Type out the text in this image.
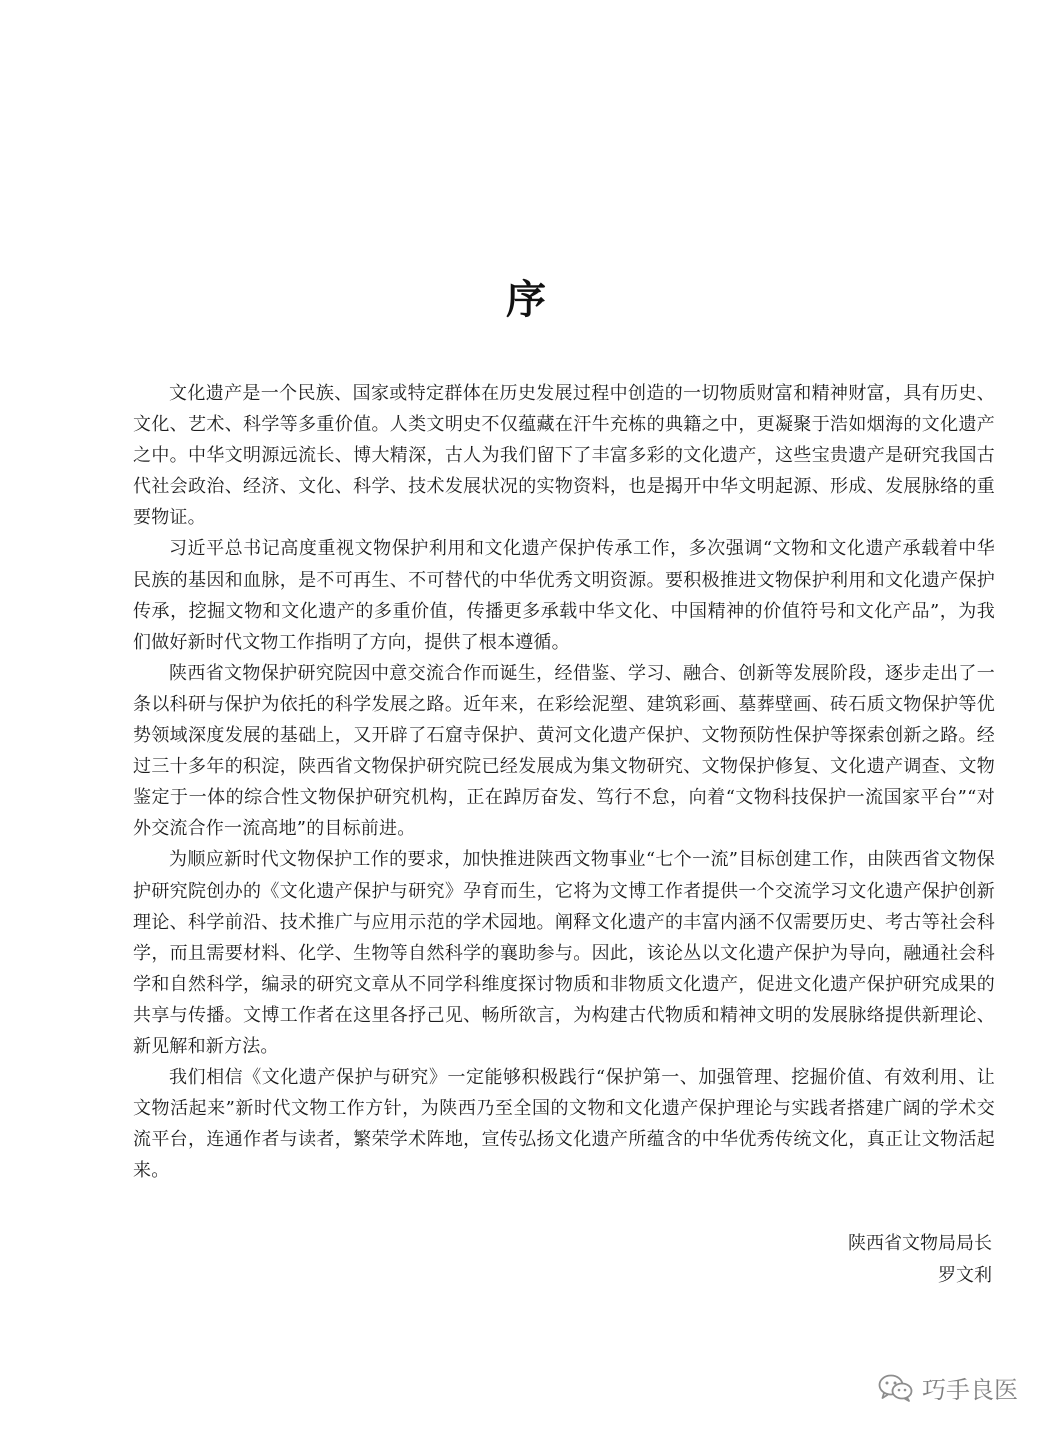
序

文化遗产是一个民族、国家或特定群体在历史发展过程中创造的一切物质财富和精神财富，具有历史、文化、艺术、科学等多重价值。人类文明史不仅蕴藏在汗牛充栋的典籍之中，更凝聚于浩如烟海的文化遗产之中。中华文明源远流长、博大精深，古人为我们留下了丰富多彩的文化遗产，这些宝贵遗产是研究我国古代社会政治、经济、文化、科学、技术发展状况的实物资料，也是揭开中华文明起源、形成、发展脉络的重要物证。

习近平总书记高度重视文物保护利用和文化遗产保护传承工作，多次强调“文物和文化遗产承载着中华民族的基因和血脉，是不可再生、不可替代的中华优秀文明资源。要积极推进文物保护利用和文化遗产保护传承，挖掘文物和文化遗产的多重价值，传播更多承载中华文化、中国精神的价值符号和文化产品”，为我们做好新时代文物工作指明了方向，提供了根本遵循。

陕西省文物保护研究院因中意交流合作而诞生，经借鉴、学习、融合、创新等发展阶段，逐步走出了一条以科研与保护为依托的科学发展之路。近年来，在彩绘泥塑、建筑彩画、墓葬壁画、砖石质文物保护等优势领域深度发展的基础上，又开辟了石窟寺保护、黄河文化遗产保护、文物预防性保护等探索创新之路。经过三十多年的积淀，陕西省文物保护研究院已经发展成为集文物研究、文物保护修复、文化遗产调查、文物鉴定于一体的综合性文物保护研究机构，正在踔厉奋发、笃行不怠，向着“文物科技保护一流国家平台”“对外交流合作一流高地”的目标前进。

为顺应新时代文物保护工作的要求，加快推进陕西文物事业“七个一流”目标创建工作，由陕西省文物保护研究院创办的《文化遗产保护与研究》孕育而生，它将为文博工作者提供一个交流学习文化遗产保护创新理论、科学前沿、技术推广与应用示范的学术园地。阐释文化遗产的丰富内涵不仅需要历史、考古等社会科学，而且需要材料、化学、生物等自然科学的襄助参与。因此，该论丛以文化遗产保护为导向，融通社会科学和自然科学，编录的研究文章从不同学科维度探讨物质和非物质文化遗产，促进文化遗产保护研究成果的共享与传播。文博工作者在这里各抒己见、畅所欲言，为构建古代物质和精神文明的发展脉络提供新理论、新见解和新方法。

我们相信《文化遗产保护与研究》一定能够积极践行“保护第一、加强管理、挖掘价值、有效利用、让文物活起来”新时代文物工作方针，为陕西乃至全国的文物和文化遗产保护理论与实践者搭建广阔的学术交流平台，连通作者与读者，繁荣学术阵地，宣传弘扬文化遗产所蕴含的中华优秀传统文化，真正让文物活起来。

陕西省文物局局长
罗文利
巧手良医
